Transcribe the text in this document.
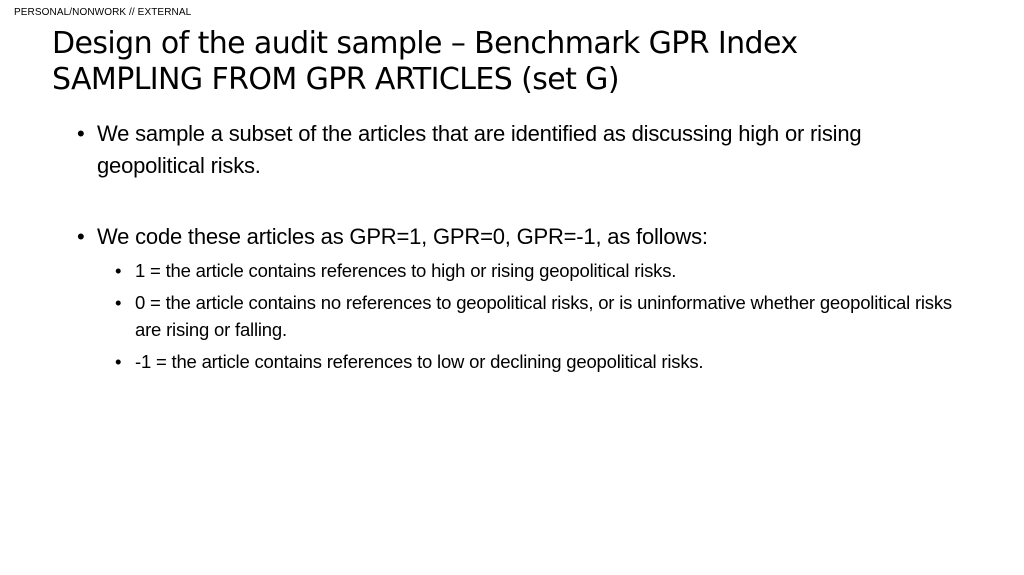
PERSONAL/NONWORK // EXTERNAL
Design of the audit sample – Benchmark GPR Index
SAMPLING FROM GPR ARTICLES (set G)
• We sample a subset of the articles that are identified as discussing high or rising geopolitical risks.
• We code these articles as GPR=1, GPR=0, GPR=-1, as follows:
• 1 = the article contains references to high or rising geopolitical risks.
• 0 = the article contains no references to geopolitical risks, or is uninformative whether geopolitical risks are rising or falling.
• -1 = the article contains references to low or declining geopolitical risks.
